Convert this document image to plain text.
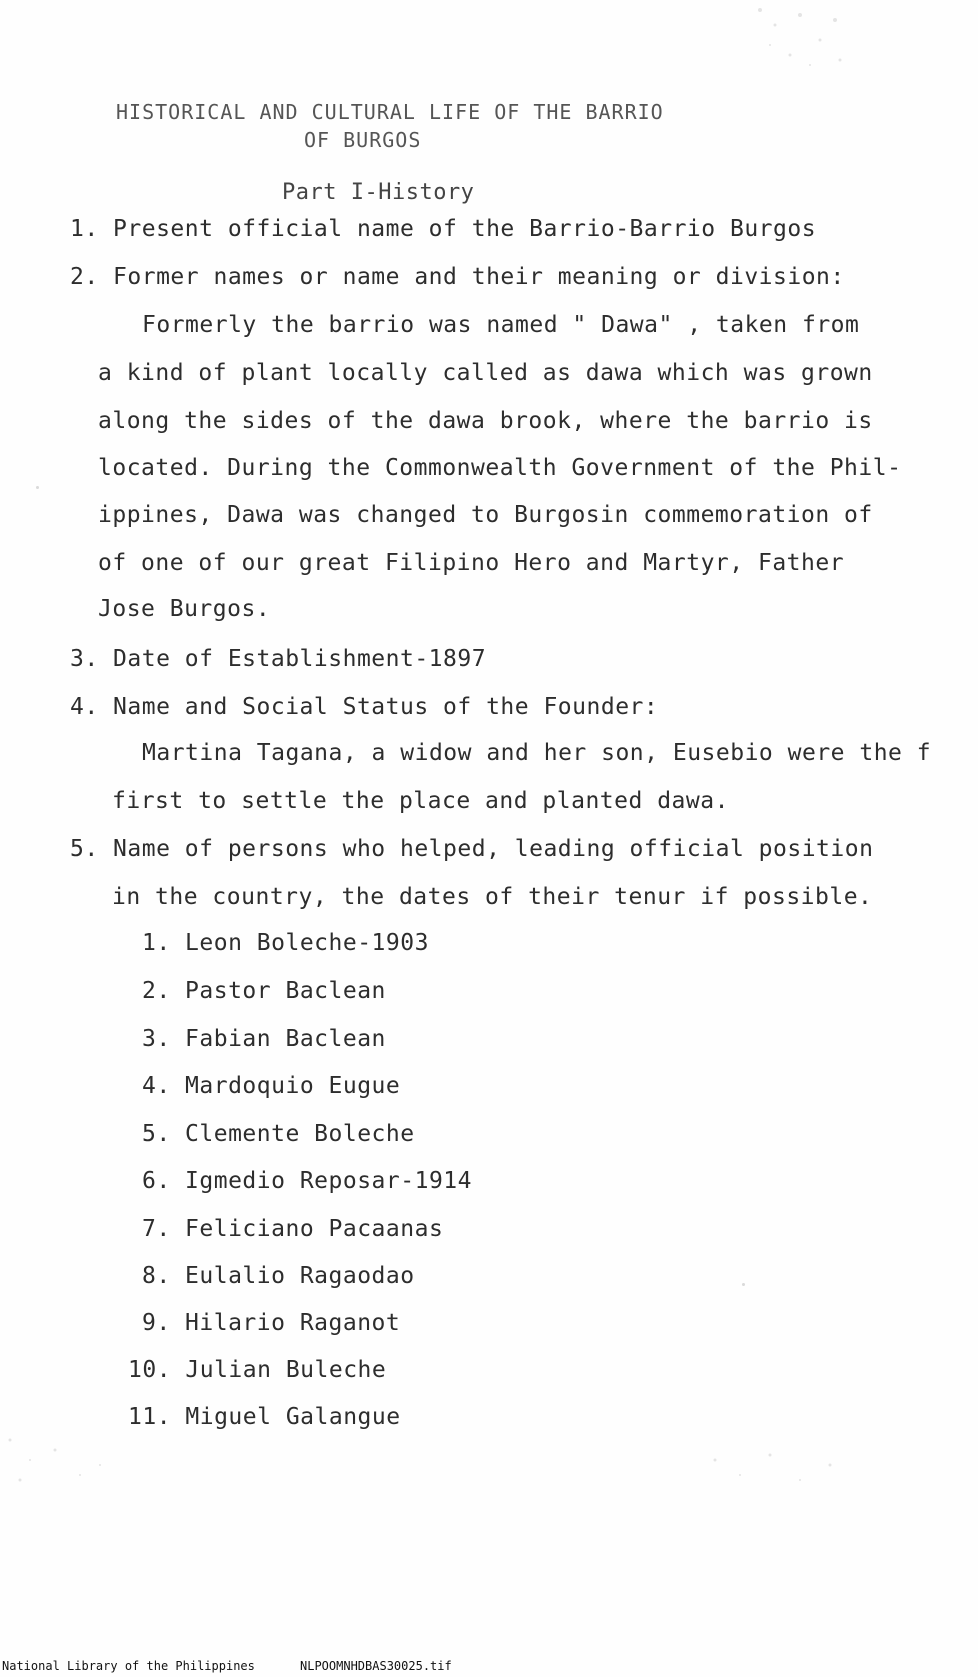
HISTORICAL AND CULTURAL LIFE OF THE BARRIO
OF BURGOS
Part I-History
1. Present official name of the Barrio-Barrio Burgos
2. Former names or name and their meaning or division:
Formerly the barrio was named " Dawa" , taken from
a kind of plant locally called as dawa which was grown
along the sides of the dawa brook, where the barrio is
located. During the Commonwealth Government of the Phil-
ippines, Dawa was changed to Burgosin commemoration of
of one of our great Filipino Hero and Martyr, Father
Jose Burgos.
3. Date of Establishment-1897
4. Name and Social Status of the Founder:
Martina Tagana, a widow and her son, Eusebio were the f
first to settle the place and planted dawa.
5. Name of persons who helped, leading official position
in the country, the dates of their tenur if possible.
1. Leon Boleche-1903
2. Pastor Baclean
3. Fabian Baclean
4. Mardoquio Eugue
5. Clemente Boleche
6. Igmedio Reposar-1914
7. Feliciano Pacaanas
8. Eulalio Ragaodao
9. Hilario Raganot
10. Julian Buleche
11. Miguel Galangue
National Library of the Philippines	NLPOOMNHDBAS30025.tif
